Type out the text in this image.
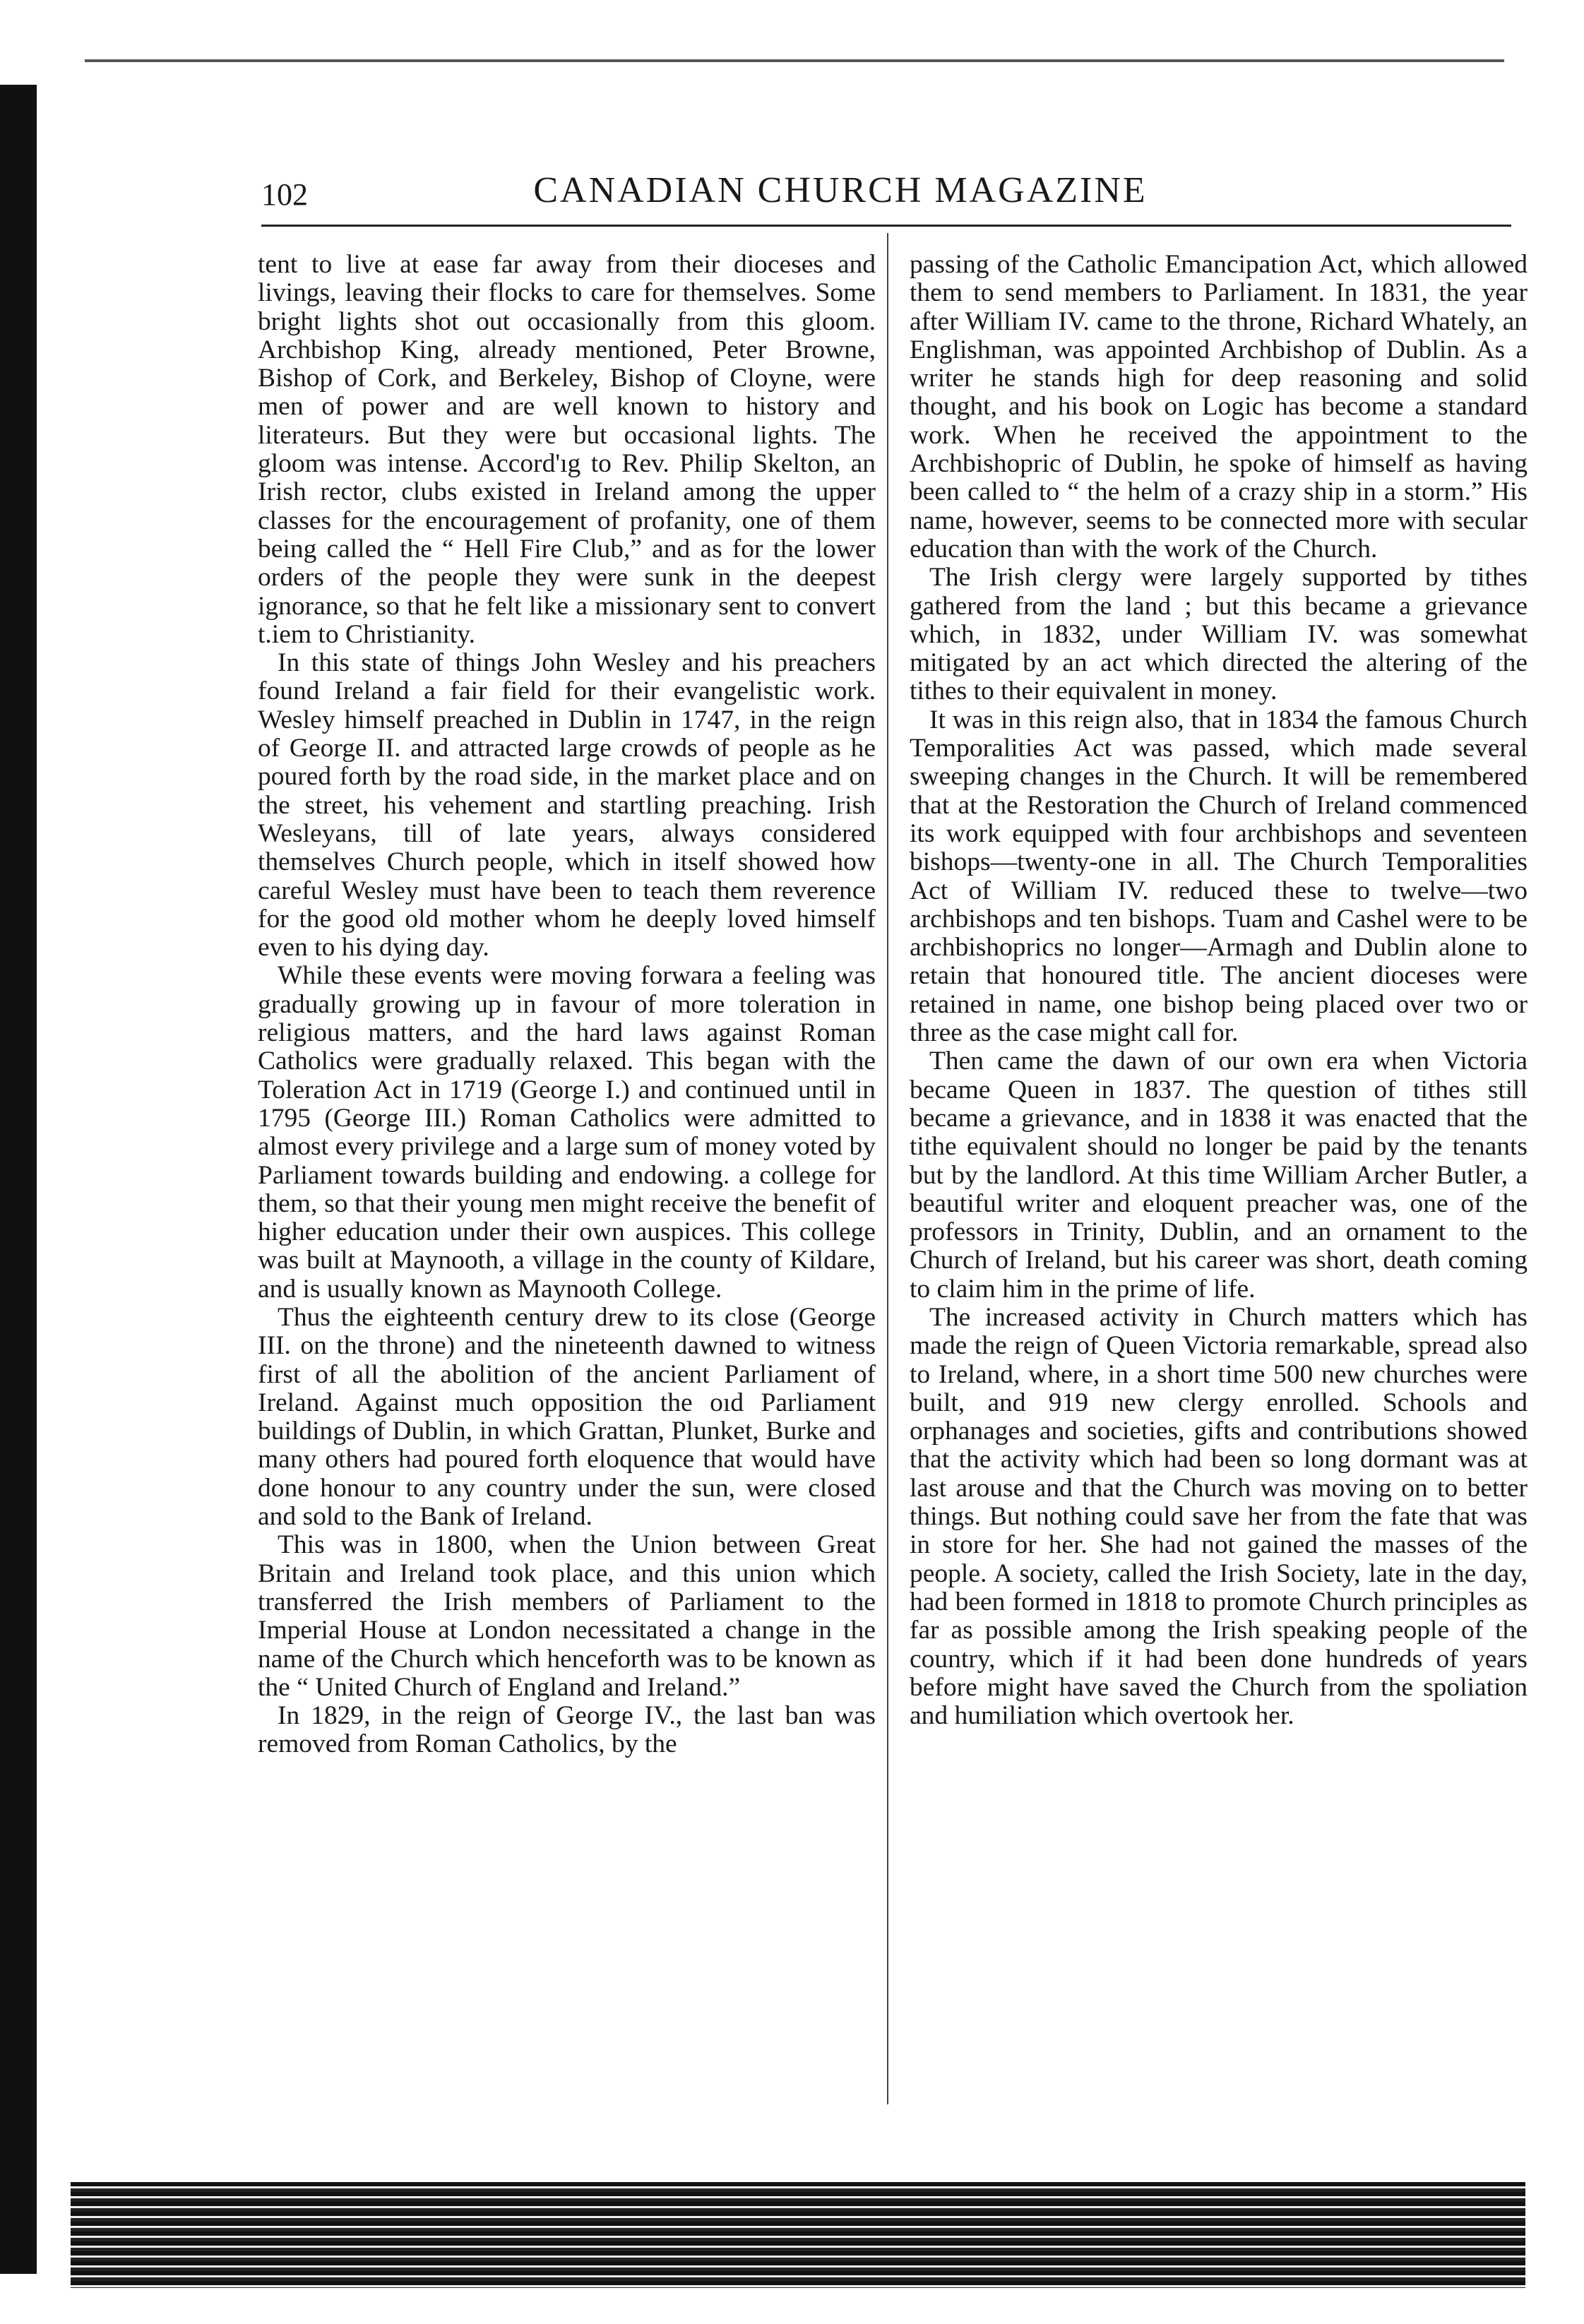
102	CANADIAN CHURCH MAGAZINE

tent to live at ease far away from their dioceses and livings, leaving their flocks to care for themselves. Some bright lights shot out occasionally from this gloom. Archbishop King, already mentioned, Peter Browne, Bishop of Cork, and Berkeley, Bishop of Cloyne, were men of power and are well known to history and literateurs. But they were but occasional lights. The gloom was intense. Accord'ıg to Rev. Philip Skelton, an Irish rector, clubs existed in Ireland among the upper classes for the encouragement of profanity, one of them being called the “ Hell Fire Club,” and as for the lower orders of the people they were sunk in the deepest ignorance, so that he felt like a missionary sent to convert t.iem to Christianity.

In this state of things John Wesley and his preachers found Ireland a fair field for their evangelistic work. Wesley himself preached in Dublin in 1747, in the reign of George II. and attracted large crowds of people as he poured forth by the road side, in the market place and on the street, his vehement and startling preaching. Irish Wesleyans, till of late years, always considered themselves Church people, which in itself showed how careful Wesley must have been to teach them reverence for the good old mother whom he deeply loved himself even to his dying day.

While these events were moving forwara a feeling was gradually growing up in favour of more toleration in religious matters, and the hard laws against Roman Catholics were gradually relaxed. This began with the Toleration Act in 1719 (George I.) and continued until in 1795 (George III.) Roman Catholics were admitted to almost every privilege and a large sum of money voted by Parliament towards building and endowing. a college for them, so that their young men might receive the benefit of higher education under their own auspices. This college was built at Maynooth, a village in the county of Kildare, and is usually known as Maynooth College.

Thus the eighteenth century drew to its close (George III. on the throne) and the nineteenth dawned to witness first of all the abolition of the ancient Parliament of Ireland. Against much opposition the oıd Parliament buildings of Dublin, in which Grattan, Plunket, Burke and many others had poured forth eloquence that would have done honour to any country under the sun, were closed and sold to the Bank of Ireland.

This was in 1800, when the Union between Great Britain and Ireland took place, and this union which transferred the Irish members of Parliament to the Imperial House at London necessitated a change in the name of the Church which henceforth was to be known as the “ United Church of England and Ireland.”

In 1829, in the reign of George IV., the last ban was removed from Roman Catholics, by the

passing of the Catholic Emancipation Act, which allowed them to send members to Parliament. In 1831, the year after William IV. came to the throne, Richard Whately, an Englishman, was appointed Archbishop of Dublin. As a writer he stands high for deep reasoning and solid thought, and his book on Logic has become a standard work. When he received the appointment to the Archbishopric of Dublin, he spoke of himself as having been called to “ the helm of a crazy ship in a storm.” His name, however, seems to be connected more with secular education than with the work of the Church.

The Irish clergy were largely supported by tithes gathered from the land ; but this became a grievance which, in 1832, under William IV. was somewhat mitigated by an act which directed the altering of the tithes to their equivalent in money.

It was in this reign also, that in 1834 the famous Church Temporalities Act was passed, which made several sweeping changes in the Church. It will be remembered that at the Restoration the Church of Ireland commenced its work equipped with four archbishops and seventeen bishops—twenty-one in all. The Church Temporalities Act of William IV. reduced these to twelve—two archbishops and ten bishops. Tuam and Cashel were to be archbishoprics no longer—Armagh and Dublin alone to retain that honoured title. The ancient dioceses were retained in name, one bishop being placed over two or three as the case might call for.

Then came the dawn of our own era when Victoria became Queen in 1837. The question of tithes still became a grievance, and in 1838 it was enacted that the tithe equivalent should no longer be paid by the tenants but by the landlord. At this time William Archer Butler, a beautiful writer and eloquent preacher was, one of the professors in Trinity, Dublin, and an ornament to the Church of Ireland, but his career was short, death coming to claim him in the prime of life.

The increased activity in Church matters which has made the reign of Queen Victoria remarkable, spread also to Ireland, where, in a short time 500 new churches were built, and 919 new clergy enrolled. Schools and orphanages and societies, gifts and contributions showed that the activity which had been so long dormant was at last arouse and that the Church was moving on to better things. But nothing could save her from the fate that was in store for her. She had not gained the masses of the people. A society, called the Irish Society, late in the day, had been formed in 1818 to promote Church principles as far as possible among the Irish speaking people of the country, which if it had been done hundreds of years before might have saved the Church from the spoliation and humiliation which overtook her.
